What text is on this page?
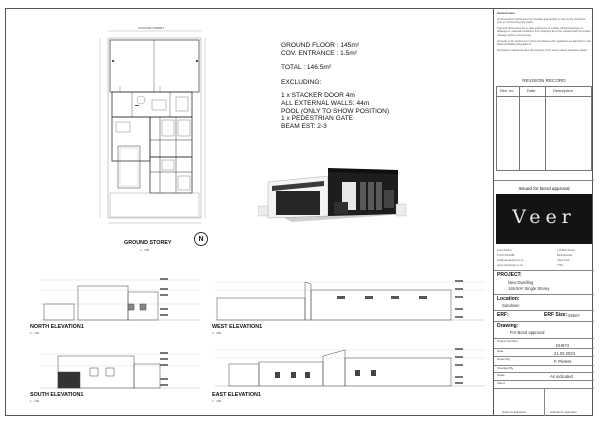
CUSONIA STREET
GROUND STOREY
1 : 100
N
GROUND FLOOR : 145m²
COV. ENTRANCE : 1.5m²
TOTAL : 146.5m²
EXCLUDING:
1 x STACKER DOOR 4m
ALL EXTERNAL WALLS: 44m
POOL (ONLY TO SHOW POSITION)
1 x PEDESTRIAN GATE
BEAM EST: 2-3
NORTH ELEVATION1
1 : 100
WEST ELEVATION1
1 : 100
SOUTH ELEVATION1
1 : 100
EAST ELEVATION1
1 : 100
General notes:
All dimensions and levels to be checked and verified on site by the contractor prior to commencing any works.
If ground dimensions are to take preference to scaling. All discrepancies on drawings or materials conditions from drawings are to be checked with the project manager before commencing.
All works to be carried out in strict accordance with regulations as laid down in the National Building Regulations.
All existing material remains the property of the owner unless otherwise stated.
REVISION RECORD
Rev. no	Date	Description
Issued for Bond approval
Veer
Kevin Peters
P.Arch 03-0286
info@veerdesign.co.za
www.veerdesign.co.za
173 Main Road
Bonteheuwel
Cape Town
7764
PROJECT:
New Dwelling
146.5m² Single Storey
Location:
Sandown
ERF:	ERF Size: 255m²
Drawing:
For Bond approval
Project Number
DH874
Date	21.02.2023
Drawn By	F. Pieters
Checked By
Scale	As indicated
Client
Owner's signature	Architect's signature
